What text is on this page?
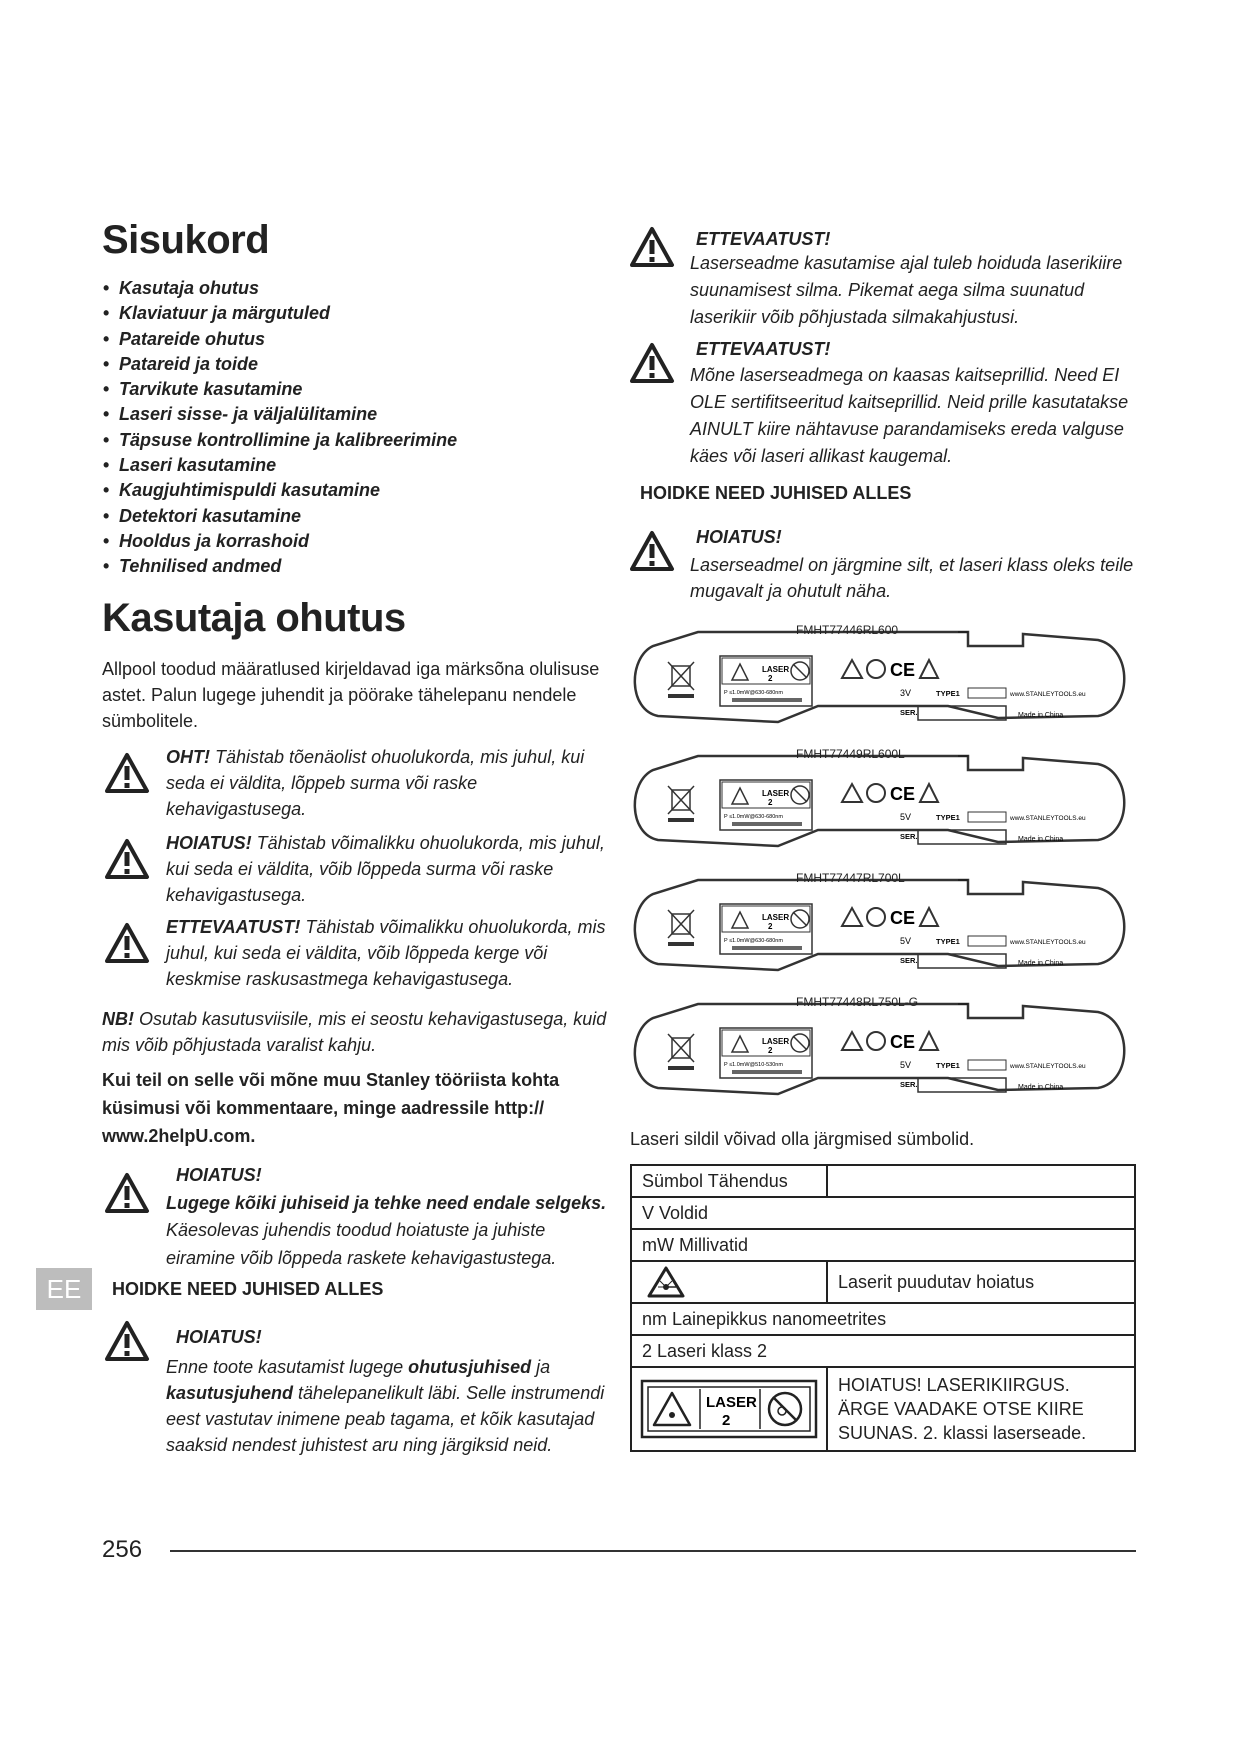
Sisukord
• Kasutaja ohutus
• Klaviatuur ja märgutuled
• Patareide ohutus
• Patareid ja toide
• Tarvikute kasutamine
• Laseri sisse- ja väljalülitamine
• Täpsuse kontrollimine ja kalibreerimine
• Laseri kasutamine
• Kaugjuhtimispuldi kasutamine
• Detektori kasutamine
• Hooldus ja korrashoid
• Tehnilised andmed
Kasutaja ohutus
Allpool toodud määratlused kirjeldavad iga märksõna olulisuse astet. Palun lugege juhendit ja pöörake tähelepanu nendele sümbolitele.
OHT! Tähistab tõenäolist ohuolukorda, mis juhul, kui seda ei väldita, lõppeb surma või raske kehavigastusega.
HOIATUS! Tähistab võimalikku ohuolukorda, mis juhul, kui seda ei väldita, võib lõppeda surma või raske kehavigastusega.
ETTEVAATUST! Tähistab võimalikku ohuolukorda, mis juhul, kui seda ei väldita, võib lõppeda kerge või keskmise raskusastmega kehavigastusega.
NB! Osutab kasutusviisile, mis ei seostu kehavigastusega, kuid mis võib põhjustada varalist kahju.
Kui teil on selle või mõne muu Stanley tööriista kohta küsimusi või kommentaare, minge aadressile http:// www.2helpU.com.
HOIATUS!
Lugege kõiki juhiseid ja tehke need endale selgeks.
Käesolevas juhendis toodud hoiatuste ja juhiste eiramine võib lõppeda raskete kehavigastustega.
EE	HOIDKE NEED JUHISED ALLES
HOIATUS!
Enne toote kasutamist lugege ohutusjuhised ja kasutusjuhend tähelepanelikult läbi. Selle instrumendi eest vastutav inimene peab tagama, et kõik kasutajad saaksid nendest juhistest aru ning järgiksid neid.
ETTEVAATUST!
Laserseadme kasutamise ajal tuleb hoiduda laserikiire suunamisest silma. Pikemat aega silma suunatud laserikiir võib põhjustada silmakahjustusi.
ETTEVAATUST!
Mõne laserseadmega on kaasas kaitseprillid. Need EI OLE sertifitseeritud kaitseprillid. Neid prille kasutatakse AINULT kiire nähtavuse parandamiseks ereda valguse käes või laseri allikast kaugemal.
HOIDKE NEED JUHISED ALLES
HOIATUS!
Laserseadmel on järgmine silt, et laseri klass oleks teile mugavalt ja ohutult näha.
FMHT77446RL600
LASER
2
P ≤1.0mW@630-680nm
CE
3V	TYPE1	www.STANLEYTOOLS.eu
SER.	Made in China
FMHT77449RL600L
LASER
2
P ≤1.0mW@630-680nm
CE
5V	TYPE1	www.STANLEYTOOLS.eu
SER.	Made in China
FMHT77447RL700L
LASER
2
P ≤1.0mW@630-680nm
CE
5V	TYPE1	www.STANLEYTOOLS.eu
SER.	Made in China
FMHT77448RL750L-G
LASER
2
P ≤1.0mW@510-530nm
CE
5V	TYPE1	www.STANLEYTOOLS.eu
SER.	Made in China
Laseri sildil võivad olla järgmised sümbolid.
Sümbol Tähendus	
V Voldid	
mW Millivatid	

	Laserit puudutav hoiatus
nm Lainepikkus nanomeetrites	
2 Laseri klass 2	

LASER
2	HOIATUS! LASERIKIIRGUS. ÄRGE VAADAKE OTSE KIIRE SUUNAS. 2. klassi laserseade.
256
